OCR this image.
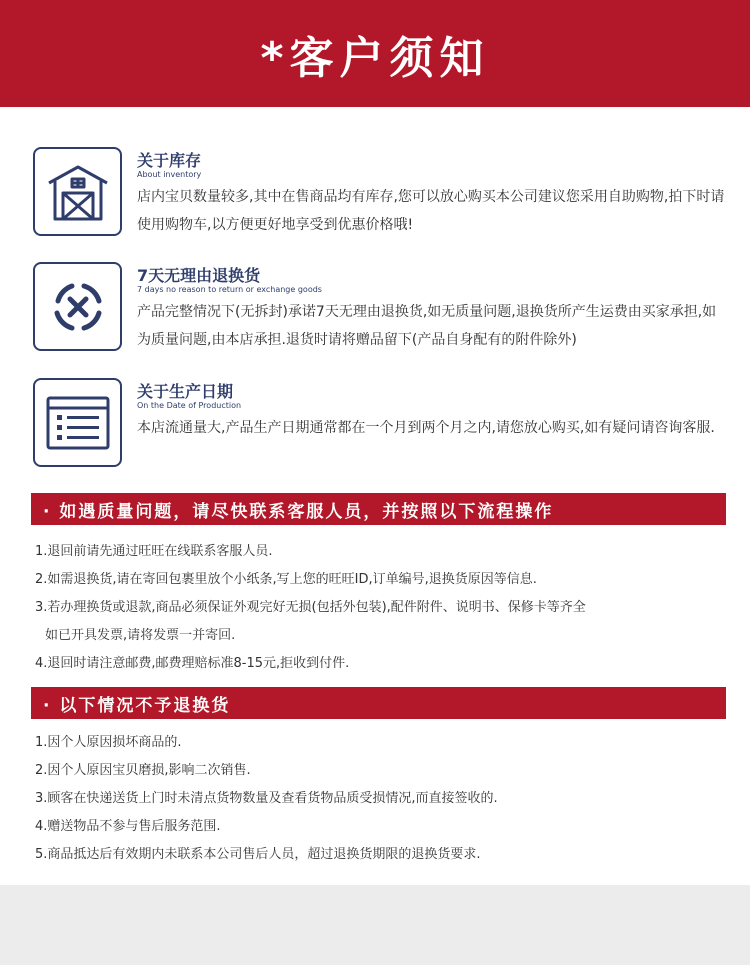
*客户须知
关于库存
About inventory
店内宝贝数量较多,其中在售商品均有库存,您可以放心购买本公司建议您采用自助购物,拍下时请使用购物车,以方便更好地享受到优惠价格哦!
7天无理由退换货
7 days no reason to return or exchange goods
产品完整情况下(无拆封)承诺7天无理由退换货,如无质量问题,退换货所产生运费由买家承担,如为质量问题,由本店承担.退货时请将赠品留下(产品自身配有的附件除外)
关于生产日期
On the Date of Production
本店流通量大,产品生产日期通常都在一个月到两个月之内,请您放心购买,如有疑问请咨询客服.
· 如遇质量问题，请尽快联系客服人员，并按照以下流程操作
1.退回前请先通过旺旺在线联系客服人员.
2.如需退换货,请在寄回包裹里放个小纸条,写上您的旺旺ID,订单编号,退换货原因等信息.
3.若办理换货或退款,商品必须保证外观完好无损(包括外包装),配件附件、说明书、保修卡等齐全
如已开具发票,请将发票一并寄回.
4.退回时请注意邮费,邮费理赔标准8-15元,拒收到付件.
· 以下情况不予退换货
1.因个人原因损坏商品的.
2.因个人原因宝贝磨损,影响二次销售.
3.顾客在快递送货上门时未清点货物数量及查看货物品质受损情况,而直接签收的.
4.赠送物品不参与售后服务范围.
5.商品抵达后有效期内未联系本公司售后人员，超过退换货期限的退换货要求.
